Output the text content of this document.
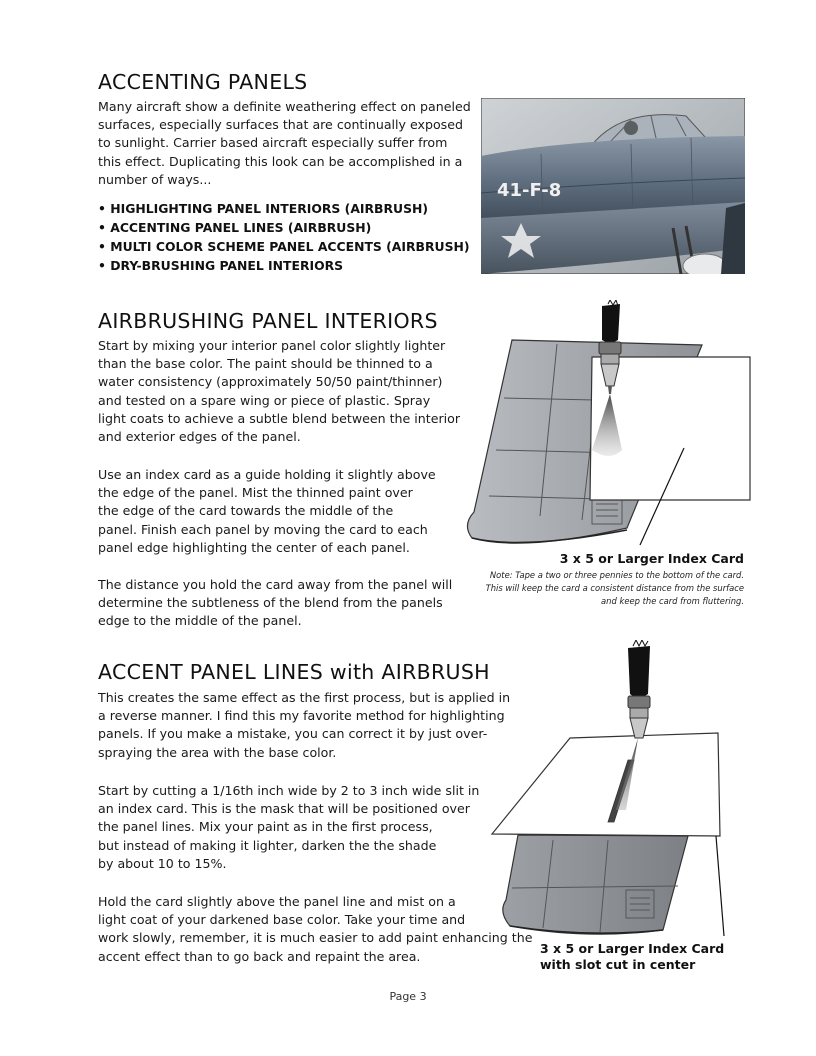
ACCENTING PANELS
Many aircraft show a definite weathering effect on paneled
surfaces, especially surfaces that are continually exposed
to sunlight. Carrier based aircraft especially suffer from
this effect. Duplicating this look can be accomplished in a
number of ways...
• HIGHLIGHTING PANEL INTERIORS (AIRBRUSH)
• ACCENTING PANEL LINES (AIRBRUSH)
• MULTI COLOR SCHEME PANEL ACCENTS (AIRBRUSH)
• DRY-BRUSHING PANEL INTERIORS
41-F-8
AIRBRUSHING PANEL INTERIORS
Start by mixing your interior panel color slightly lighter
than the base color. The paint should be thinned to a
water consistency (approximately 50/50 paint/thinner)
and tested on a spare wing or piece of plastic. Spray
light coats to achieve a subtle blend between the interior
and exterior edges of the panel.
Use an index card as a guide holding it slightly above
the edge of the panel. Mist the thinned paint over
the edge of the card towards the middle of the
panel. Finish each panel by moving the card to each
panel edge highlighting the center of each panel.
The distance you hold the card away from the panel will
determine the subtleness of the blend from the panels
edge to the middle of the panel.
3 x 5 or Larger Index Card
Note: Tape a two or three pennies to the bottom of the card.
This will keep the card a consistent distance from the surface
and keep the card from fluttering.
ACCENT PANEL LINES with AIRBRUSH
This creates the same effect as the first process, but is applied in
a reverse manner. I find this my favorite method for highlighting
panels. If you make a mistake, you can correct it by just over-
spraying the area with the base color.
Start by cutting a 1/16th inch wide by 2 to 3 inch wide slit in
an index card. This is the mask that will be positioned over
the panel lines. Mix your paint as in the first process,
but instead of making it lighter, darken the the shade
by about 10 to 15%.
Hold the card slightly above the panel line and mist on a
light coat of your darkened base color. Take your time and
work slowly, remember, it is much easier to add paint enhancing the
accent effect than to go back and repaint the area.
3 x 5 or Larger Index Card
with slot cut in center
Page 3
